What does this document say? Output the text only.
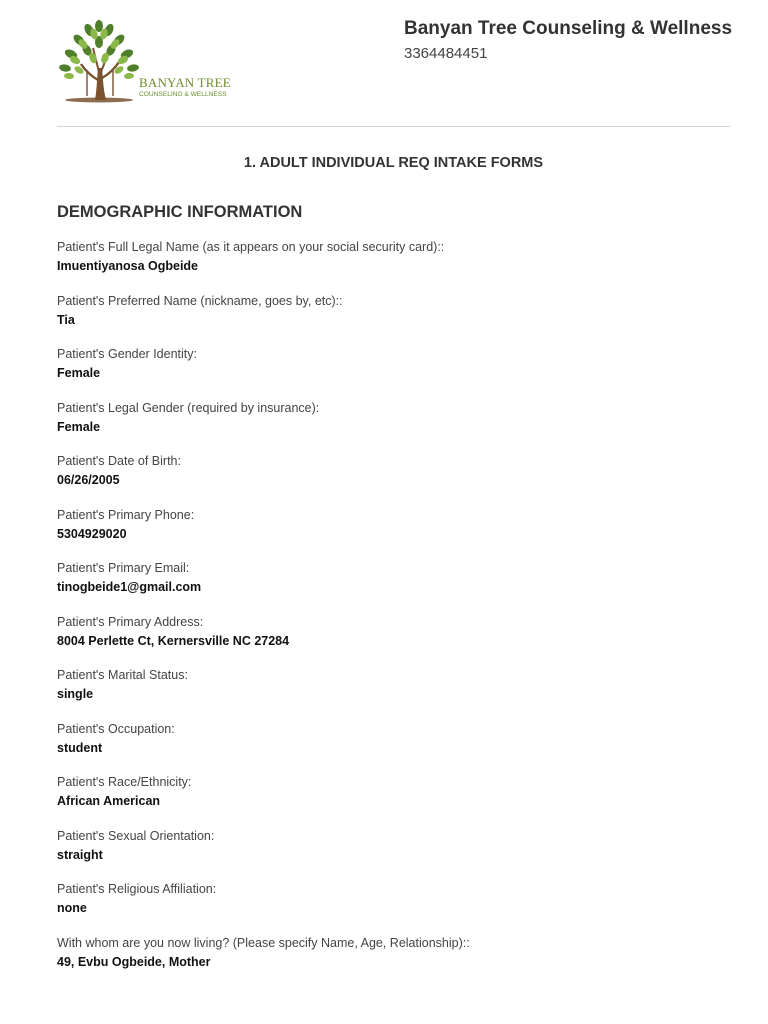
BANYAN TREE
COUNSELING & WELLNESS
Banyan Tree Counseling & Wellness
3364484451
1. ADULT INDIVIDUAL REQ INTAKE FORMS
DEMOGRAPHIC INFORMATION
Patient's Full Legal Name (as it appears on your social security card)::
Imuentiyanosa Ogbeide
Patient's Preferred Name (nickname, goes by, etc)::
Tia
Patient's Gender Identity:
Female
Patient's Legal Gender (required by insurance):
Female
Patient's Date of Birth:
06/26/2005
Patient's Primary Phone:
5304929020
Patient's Primary Email:
tinogbeide1@gmail.com
Patient's Primary Address:
8004 Perlette Ct, Kernersville NC 27284
Patient's Marital Status:
single
Patient's Occupation:
student
Patient's Race/Ethnicity:
African American
Patient's Sexual Orientation:
straight
Patient's Religious Affiliation:
none
With whom are you now living? (Please specify Name, Age, Relationship)::
49, Evbu Ogbeide, Mother
